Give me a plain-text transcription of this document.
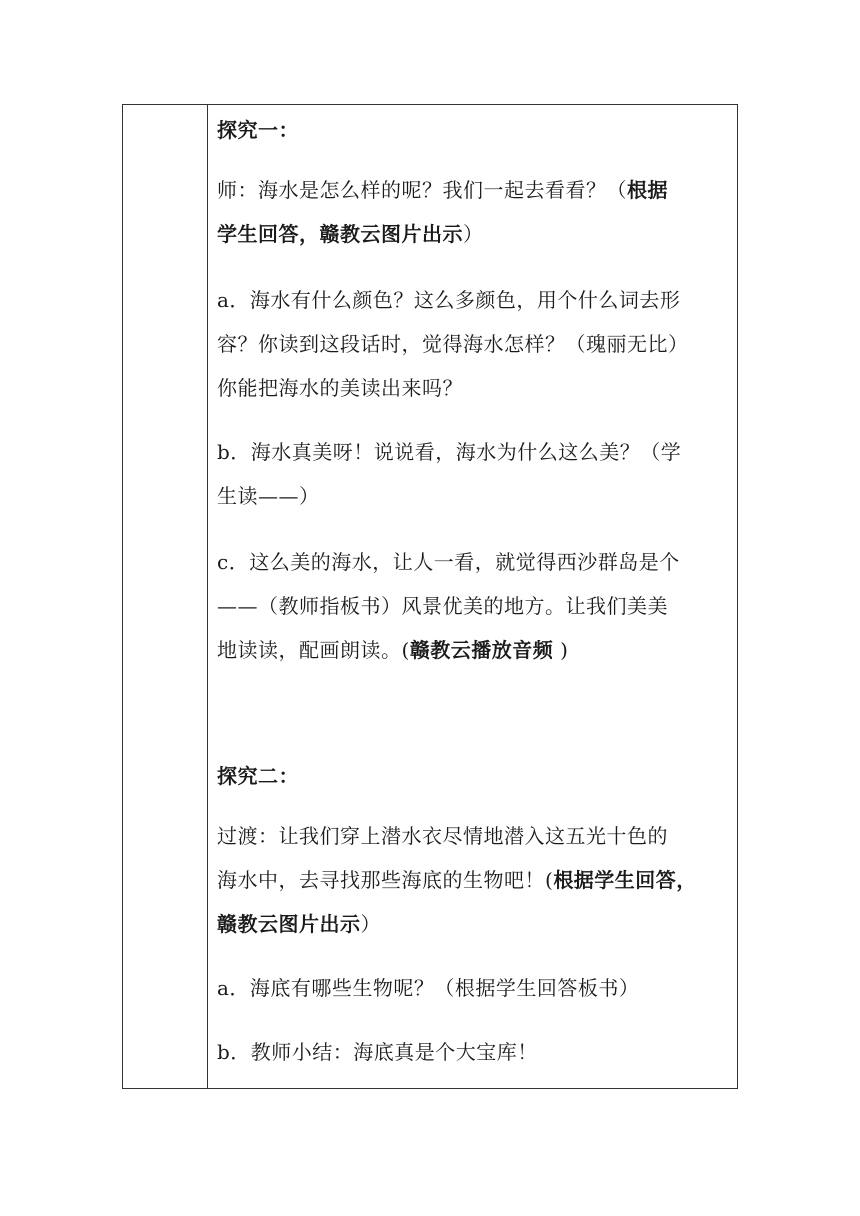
探究一：
师：海水是怎么样的呢？我们一起去看看？（根据
学生回答，赣教云图片出示）
a．海水有什么颜色？这么多颜色，用个什么词去形
容？你读到这段话时，觉得海水怎样？（瑰丽无比）
你能把海水的美读出来吗？
b．海水真美呀！说说看，海水为什么这么美？（学
生读——）
c．这么美的海水，让人一看，就觉得西沙群岛是个
——（教师指板书）风景优美的地方。让我们美美
地读读，配画朗读。(赣教云播放音频 )
探究二：
过渡：让我们穿上潜水衣尽情地潜入这五光十色的
海水中，去寻找那些海底的生物吧！(根据学生回答，
赣教云图片出示）
a．海底有哪些生物呢？（根据学生回答板书）
b．教师小结：海底真是个大宝库！
